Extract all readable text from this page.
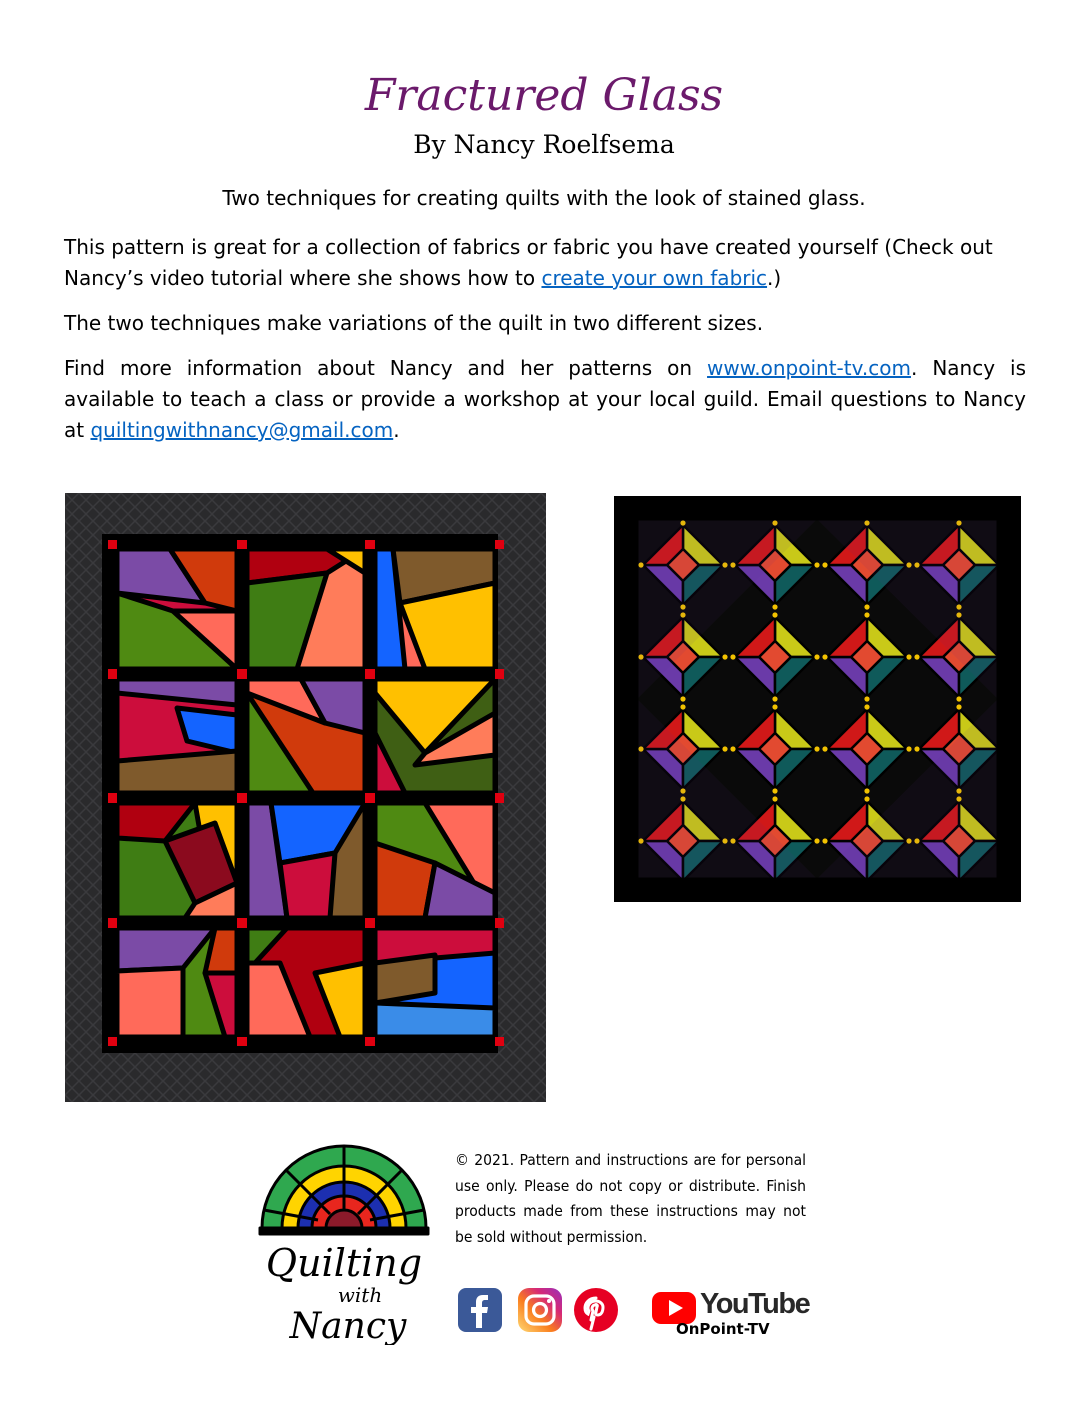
Fractured Glass
By Nancy Roelfsema
Two techniques for creating quilts with the look of stained glass.
This pattern is great for a collection of fabrics or fabric you have created yourself (Check out Nancy’s video tutorial where she shows how to create your own fabric.)
The two techniques make variations of the quilt in two different sizes.
Find more information about Nancy and her patterns on www.onpoint-tv.com. Nancy is available to teach a class or provide a workshop at your local guild. Email questions to Nancy at quiltingwithnancy@gmail.com.
Quilting
with
Nancy
© 2021. Pattern and instructions are for personal use only. Please do not copy or distribute. Finish products made from these instructions may not be sold without permission.
YouTube
OnPoint-TV
